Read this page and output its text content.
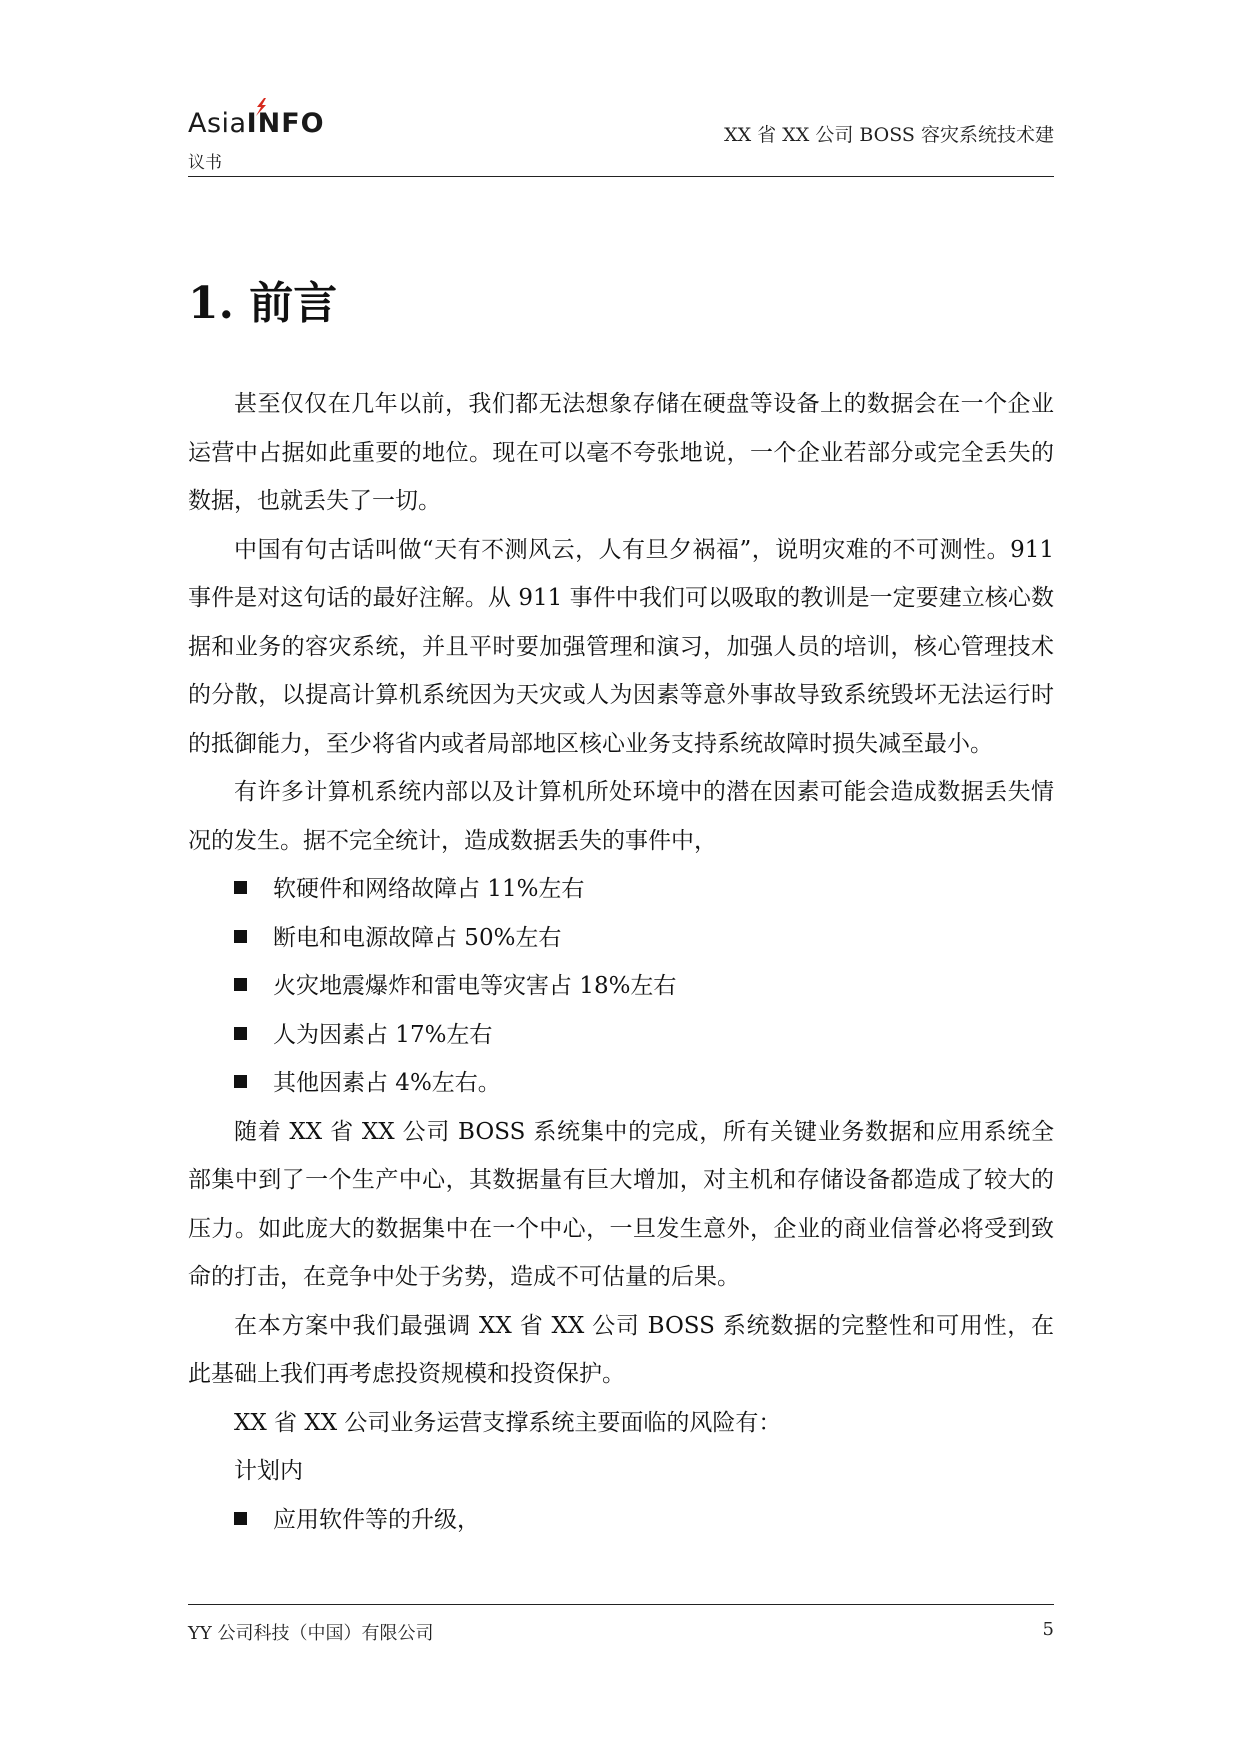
AsiaINFO
议书
XX 省 XX 公司 BOSS 容灾系统技术建
1. 前言

甚至仅仅在几年以前，我们都无法想象存储在硬盘等设备上的数据会在一个企业运营中占据如此重要的地位。现在可以毫不夸张地说，一个企业若部分或完全丢失的数据，也就丢失了一切。

中国有句古话叫做“天有不测风云，人有旦夕祸福”，说明灾难的不可测性。911 事件是对这句话的最好注解。从 911 事件中我们可以吸取的教训是一定要建立核心数据和业务的容灾系统，并且平时要加强管理和演习，加强人员的培训，核心管理技术的分散，以提高计算机系统因为天灾或人为因素等意外事故导致系统毁坏无法运行时的抵御能力，至少将省内或者局部地区核心业务支持系统故障时损失减至最小。

有许多计算机系统内部以及计算机所处环境中的潜在因素可能会造成数据丢失情况的发生。据不完全统计，造成数据丢失的事件中，

软硬件和网络故障占 11%左右

断电和电源故障占 50%左右

火灾地震爆炸和雷电等灾害占 18%左右

人为因素占 17%左右

其他因素占 4%左右。

随着 XX 省 XX 公司 BOSS 系统集中的完成，所有关键业务数据和应用系统全部集中到了一个生产中心，其数据量有巨大增加，对主机和存储设备都造成了较大的压力。如此庞大的数据集中在一个中心，一旦发生意外，企业的商业信誉必将受到致命的打击，在竞争中处于劣势，造成不可估量的后果。

在本方案中我们最强调 XX 省 XX 公司 BOSS 系统数据的完整性和可用性，在此基础上我们再考虑投资规模和投资保护。

XX 省 XX 公司业务运营支撑系统主要面临的风险有：

计划内

应用软件等的升级，

YY 公司科技（中国）有限公司	5
